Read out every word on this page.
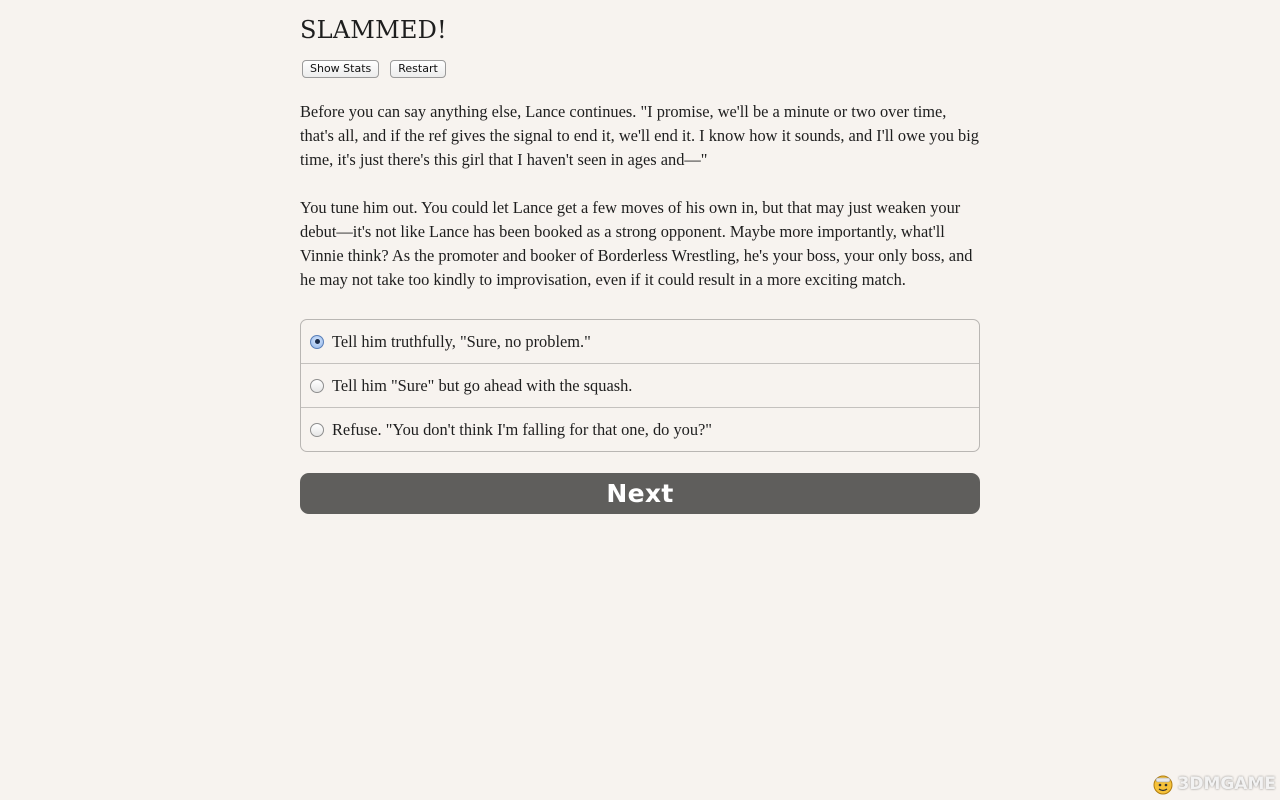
SLAMMED!
Show Stats	Restart

Before you can say anything else, Lance continues. "I promise, we'll be a minute or two over time, that's all, and if the ref gives the signal to end it, we'll end it. I know how it sounds, and I'll owe you big time, it's just there's this girl that I haven't seen in ages and—"

You tune him out. You could let Lance get a few moves of his own in, but that may just weaken your debut—it's not like Lance has been booked as a strong opponent. Maybe more importantly, what'll Vinnie think? As the promoter and booker of Borderless Wrestling, he's your boss, your only boss, and he may not take too kindly to improvisation, even if it could result in a more exciting match.

Tell him truthfully, "Sure, no problem."
Tell him "Sure" but go ahead with the squash.
Refuse. "You don't think I'm falling for that one, do you?"
Next
3DMGAME
